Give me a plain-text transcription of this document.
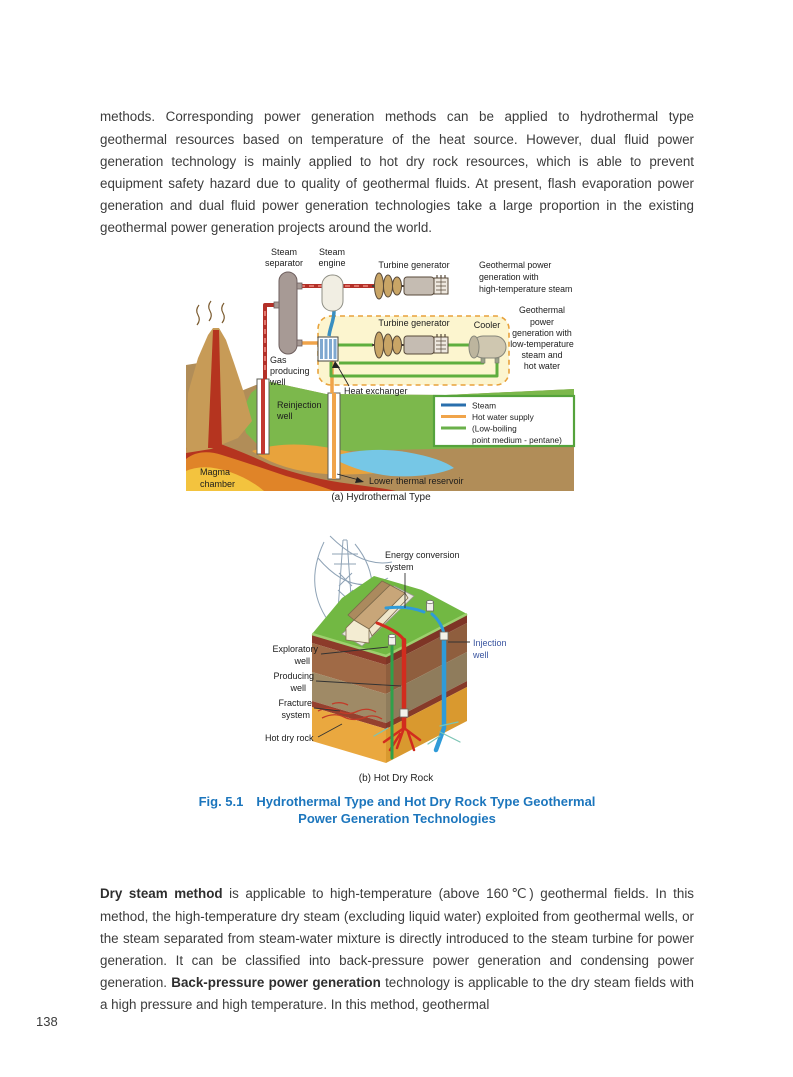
methods. Corresponding power generation methods can be applied to hydrothermal type geothermal resources based on temperature of the heat source. However, dual fluid power generation technology is mainly applied to hot dry rock resources, which is able to prevent equipment safety hazard due to quality of geothermal fluids. At present, flash evaporation power generation and dual fluid power generation technologies take a large proportion in the existing geothermal power generation projects around the world.

Steam
Hot water supply
(Low-boiling
point medium - pentane)
Steam
separator
Steam
engine	Turbine generator
Turbine generator	Cooler
Geothermal power
generation with
high-temperature steam
Geothermal
power
generation with
low-temperature
steam and
hot water
Gas
producing
well
Heat exchanger
Reinjection
well
Magma
chamber	Lower thermal reservoir
(a) Hydrothermal Type
Energy conversion
system
Exploratory
well
Producing
well
Fracture
system
Hot dry rock
Injection
well
(b) Hot Dry Rock
Fig. 5.1 Hydrothermal Type and Hot Dry Rock Type Geothermal
Power Generation Technologies

Dry steam method is applicable to high-temperature (above 160℃) geothermal fields. In this method, the high-temperature dry steam (excluding liquid water) exploited from geothermal wells, or the steam separated from steam-water mixture is directly introduced to the steam turbine for power generation. It can be classified into back-pressure power generation and condensing power generation. Back-pressure power generation technology is applicable to the dry steam fields with a high pressure and high temperature. In this method, geothermal

138
